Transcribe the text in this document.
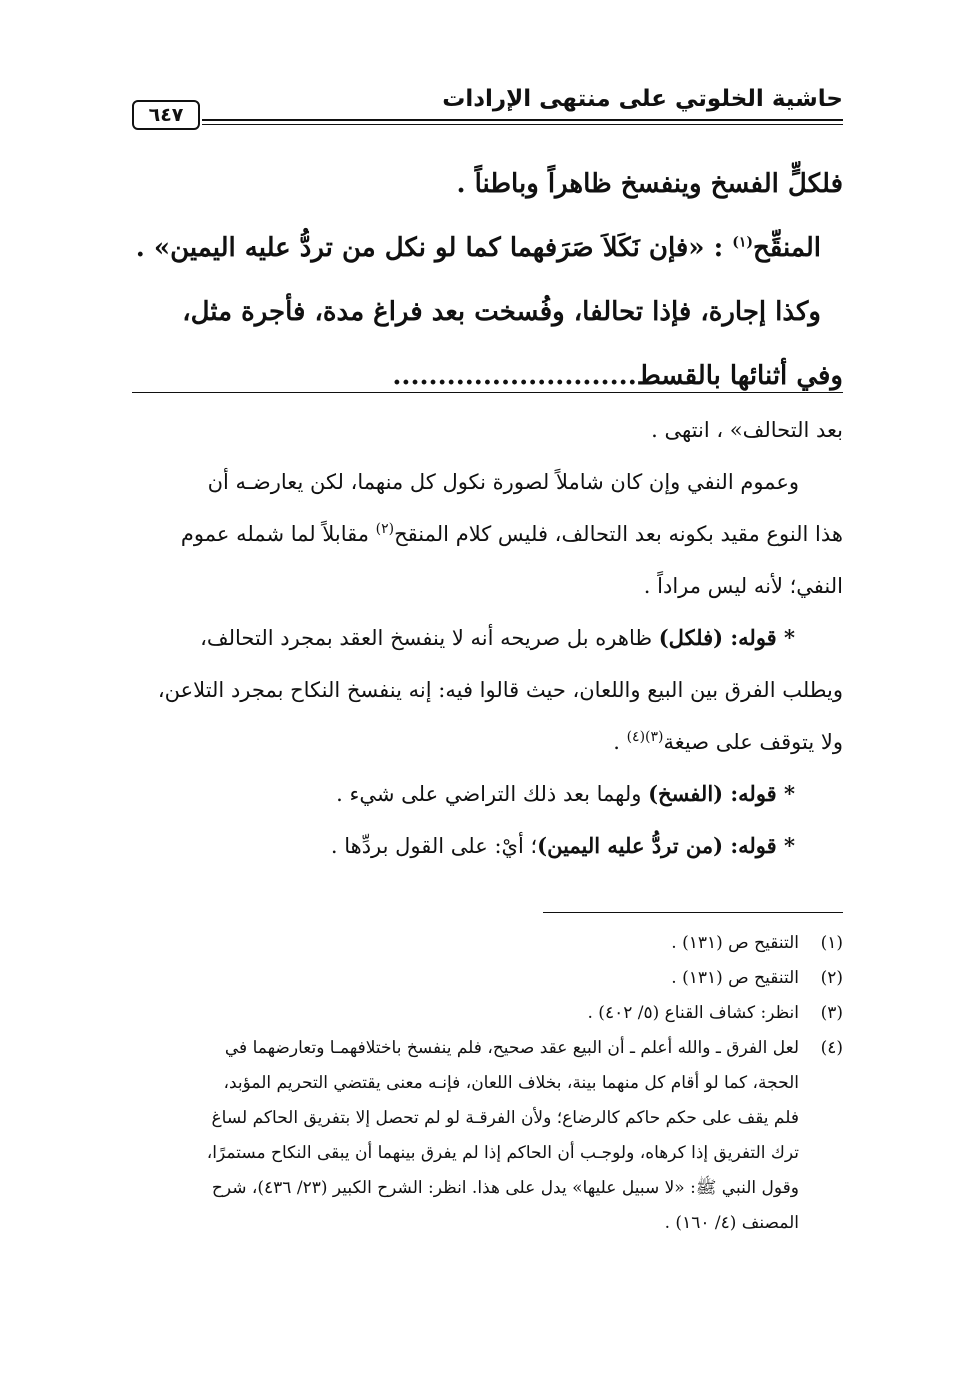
حاشية الخلوتي على منتهى الإرادات
٦٤٧
فلكلٍّ الفسخ وينفسخ ظاهراً وباطناً .
المنقِّح$^{(١)}$ : «فإن نَكَلاَ صَرَفهما كما لو نكل من تردُّ عليه اليمين» .
وكذا إجارة، فإذا تحالفا، وفُسخت بعد فراغ مدة، فأجرة مثل،
وفي أثنائها بالقسط...........................
بعد التحالف» ، انتهى .
وعموم النفي وإن كان شاملاً لصورة نكول كل منهما، لكن يعارضـه أن
هذا النوع مقيد بكونه بعد التحالف، فليس كلام المنقح$^{(٢)}$ مقابلاً لما شمله عموم
النفي؛ لأنه ليس مراداً .
* قوله: (فلكل) ظاهره بل صريحه أنه لا ينفسخ العقد بمجرد التحالف،
ويطلب الفرق بين البيع واللعان، حيث قالوا فيه: إنه ينفسخ النكاح بمجرد التلاعن،
ولا يتوقف على صيغة$^{(٣)(٤)}$ .
* قوله: (الفسخ) ولهما بعد ذلك التراضي على شيء .
* قوله: (من تردُّ عليه اليمين)؛ أيْ: على القول بردِّها .
(١)التنقيح ص (١٣١) .
(٢)التنقيح ص (١٣١) .
(٣)انظر: كشاف القناع (٥/ ٤٠٢) .
(٤)لعل الفرق ـ والله أعلم ـ أن البيع عقد صحيح، فلم ينفسخ باختلافهمـا وتعارضهما في
الحجة، كما لو أقام كل منهما بينة، بخلاف اللعان، فإنـه معنى يقتضي التحريم المؤبد،
فلم يقف على حكم حاكم كالرضاع؛ ولأن الفرقـة لو لم تحصل إلا بتفريق الحاكم لساغ
ترك التفريق إذا كرهاه، ولوجـب أن الحاكم إذا لم يفرق بينهما أن يبقى النكاح مستمرًا،
وقول النبي ﷺ: «لا سبيل عليها» يدل على هذا. انظر: الشرح الكبير (٢٣/ ٤٣٦)، شرح
المصنف (٤/ ١٦٠) .
